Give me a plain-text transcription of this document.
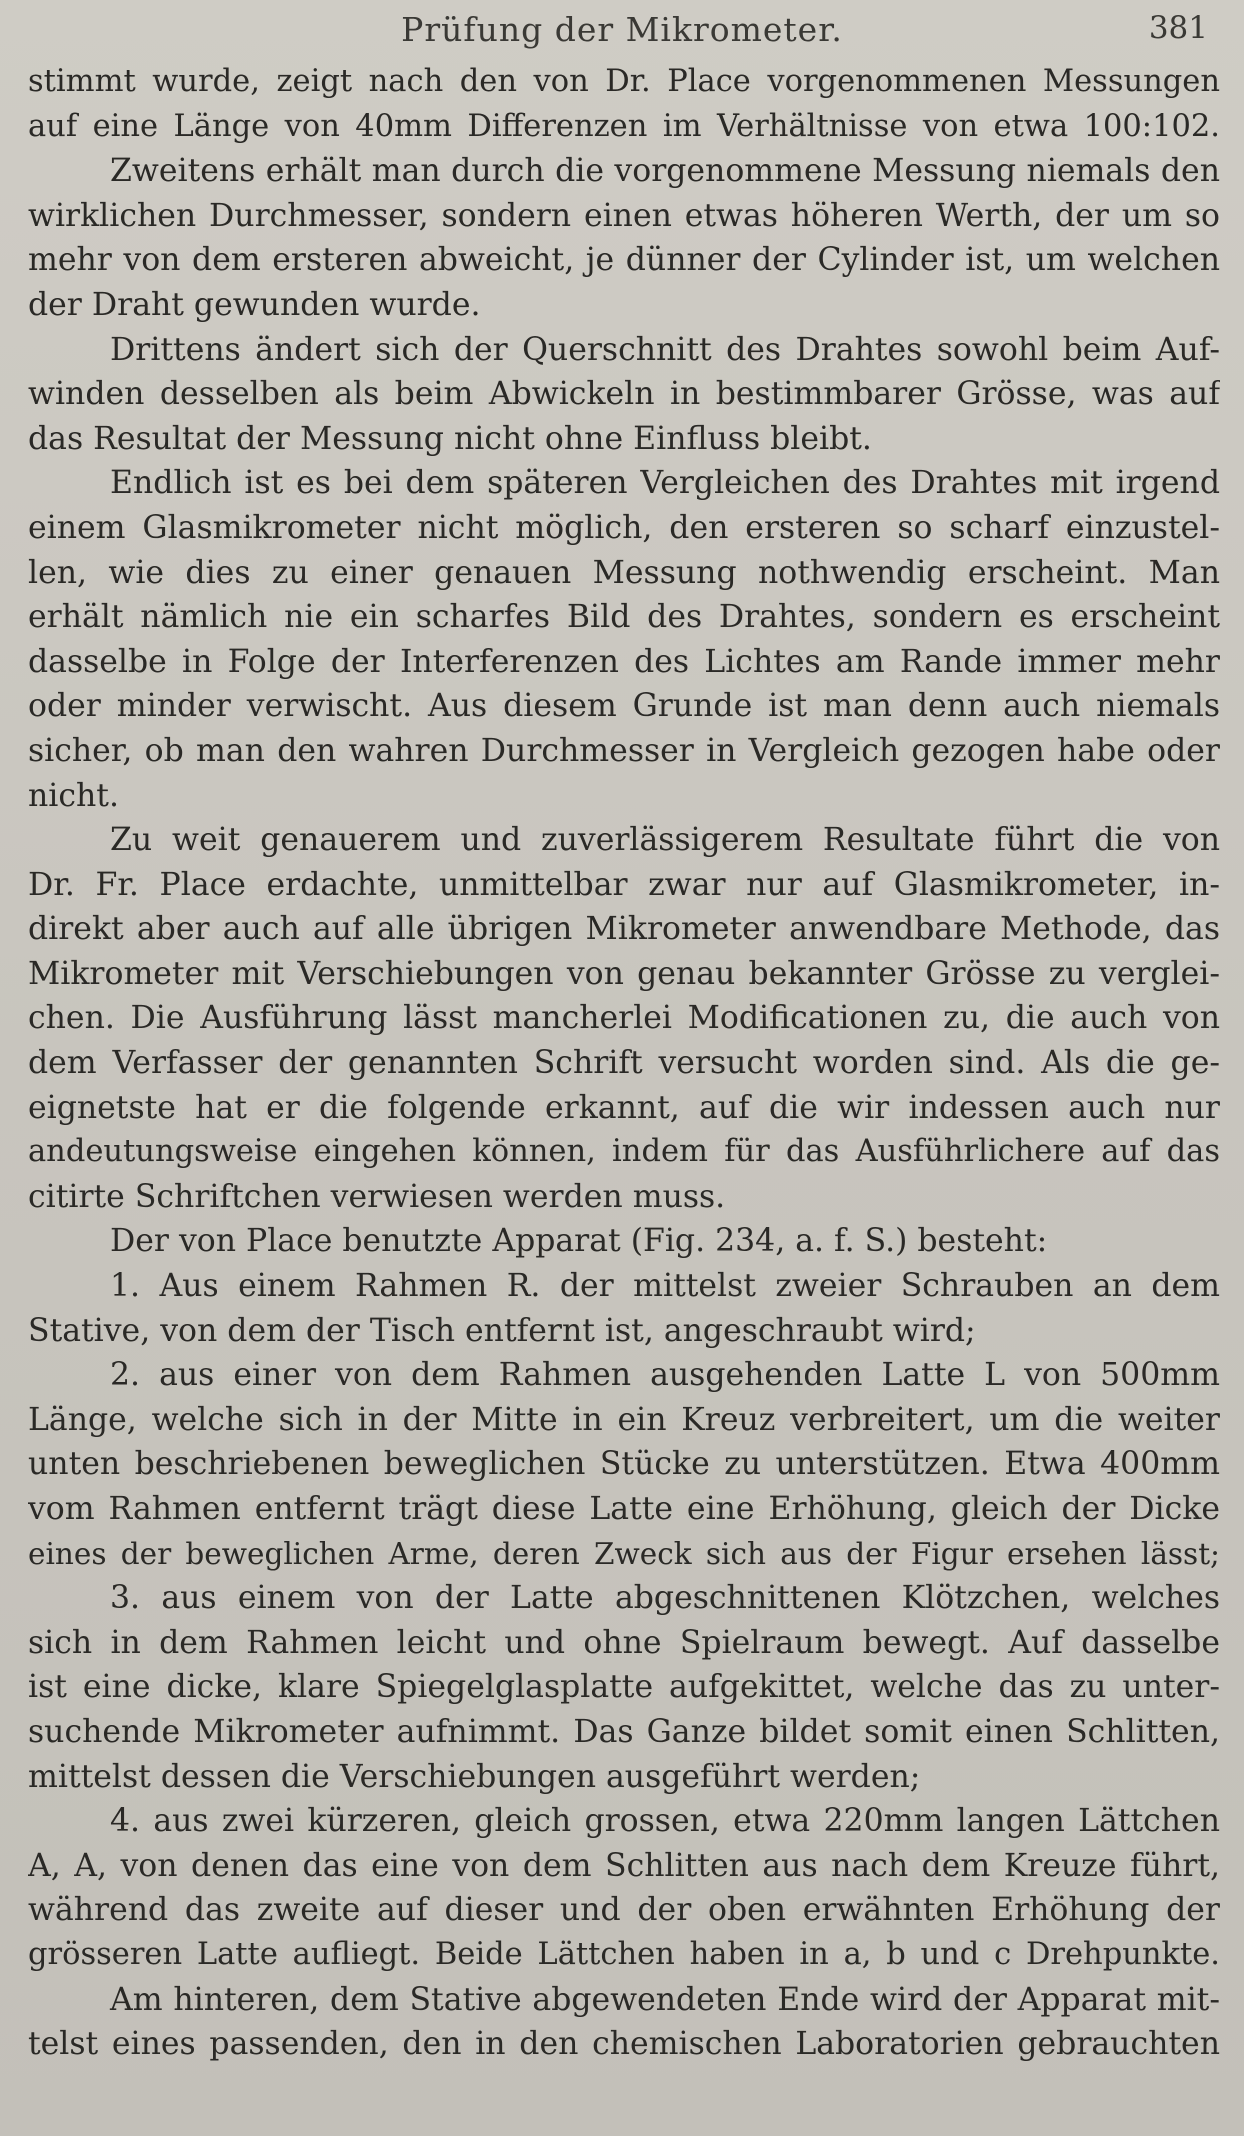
Prüfung der Mikrometer.	381
stimmt wurde, zeigt nach den von Dr. Place vorgenommenen Messungen
auf eine Länge von 40mm Differenzen im Verhältnisse von etwa 100:102.
Zweitens erhält man durch die vorgenommene Messung niemals den
wirklichen Durchmesser, sondern einen etwas höheren Werth, der um so
mehr von dem ersteren abweicht, je dünner der Cylinder ist, um welchen
der Draht gewunden wurde.
Drittens ändert sich der Querschnitt des Drahtes sowohl beim Auf-
winden desselben als beim Abwickeln in bestimmbarer Grösse, was auf
das Resultat der Messung nicht ohne Einfluss bleibt.
Endlich ist es bei dem späteren Vergleichen des Drahtes mit irgend
einem Glasmikrometer nicht möglich, den ersteren so scharf einzustel-
len, wie dies zu einer genauen Messung nothwendig erscheint. Man
erhält nämlich nie ein scharfes Bild des Drahtes, sondern es erscheint
dasselbe in Folge der Interferenzen des Lichtes am Rande immer mehr
oder minder verwischt. Aus diesem Grunde ist man denn auch niemals
sicher, ob man den wahren Durchmesser in Vergleich gezogen habe oder
nicht.
Zu weit genauerem und zuverlässigerem Resultate führt die von
Dr. Fr. Place erdachte, unmittelbar zwar nur auf Glasmikrometer, in-
direkt aber auch auf alle übrigen Mikrometer anwendbare Methode, das
Mikrometer mit Verschiebungen von genau bekannter Grösse zu verglei-
chen. Die Ausführung lässt mancherlei Modificationen zu, die auch von
dem Verfasser der genannten Schrift versucht worden sind. Als die ge-
eignetste hat er die folgende erkannt, auf die wir indessen auch nur
andeutungsweise eingehen können, indem für das Ausführlichere auf das
citirte Schriftchen verwiesen werden muss.
Der von Place benutzte Apparat (Fig. 234, a. f. S.) besteht:
1. Aus einem Rahmen R. der mittelst zweier Schrauben an dem
Stative, von dem der Tisch entfernt ist, angeschraubt wird;
2. aus einer von dem Rahmen ausgehenden Latte L von 500mm
Länge, welche sich in der Mitte in ein Kreuz verbreitert, um die weiter
unten beschriebenen beweglichen Stücke zu unterstützen. Etwa 400mm
vom Rahmen entfernt trägt diese Latte eine Erhöhung, gleich der Dicke
eines der beweglichen Arme, deren Zweck sich aus der Figur ersehen lässt;
3. aus einem von der Latte abgeschnittenen Klötzchen, welches
sich in dem Rahmen leicht und ohne Spielraum bewegt. Auf dasselbe
ist eine dicke, klare Spiegelglasplatte aufgekittet, welche das zu unter-
suchende Mikrometer aufnimmt. Das Ganze bildet somit einen Schlitten,
mittelst dessen die Verschiebungen ausgeführt werden;
4. aus zwei kürzeren, gleich grossen, etwa 220mm langen Lättchen
A, A, von denen das eine von dem Schlitten aus nach dem Kreuze führt,
während das zweite auf dieser und der oben erwähnten Erhöhung der
grösseren Latte aufliegt. Beide Lättchen haben in a, b und c Drehpunkte.
Am hinteren, dem Stative abgewendeten Ende wird der Apparat mit-
telst eines passenden, den in den chemischen Laboratorien gebrauchten
